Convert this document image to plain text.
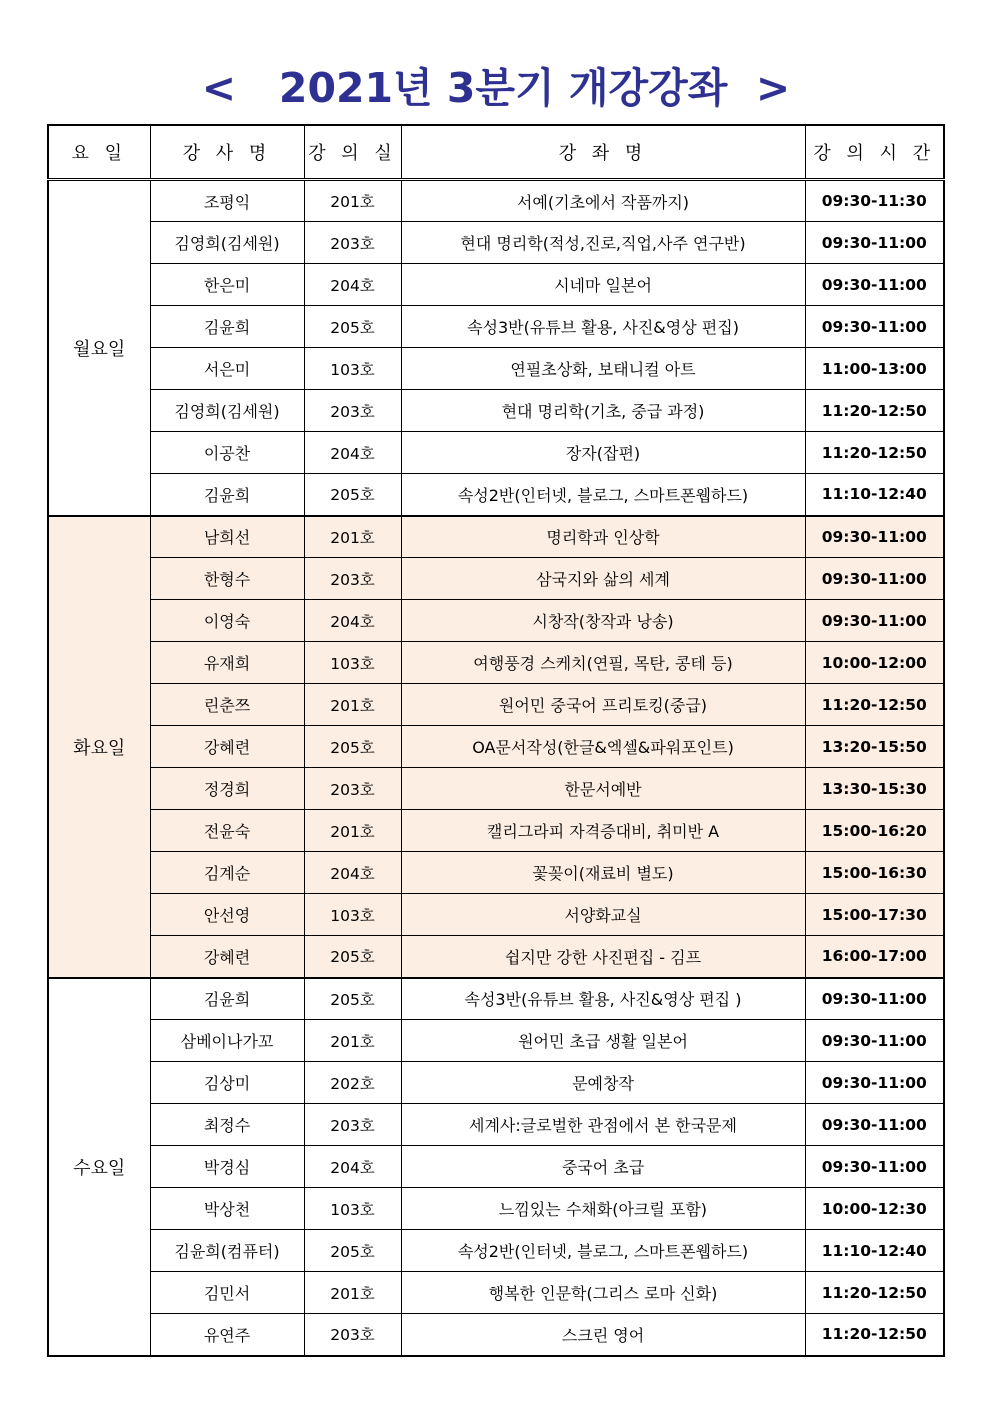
<   2021년 3분기 개강강좌  >
요 일	강 사 명	강 의 실	강 좌 명	강 의 시 간
월요일	조평익	201호	서예(기초에서 작품까지)	09:30-11:30
	김영희(김세원)	203호	현대 명리학(적성,진로,직업,사주 연구반)	09:30-11:00
	한은미	204호	시네마 일본어	09:30-11:00
	김윤희	205호	속성3반(유튜브 활용, 사진&영상 편집)	09:30-11:00
	서은미	103호	연필초상화, 보태니컬 아트	11:00-13:00
	김영희(김세원)	203호	현대 명리학(기초, 중급 과정)	11:20-12:50
	이공찬	204호	장자(잡편)	11:20-12:50
	김윤희	205호	속성2반(인터넷, 블로그, 스마트폰웹하드)	11:10-12:40
화요일	남희선	201호	명리학과 인상학	09:30-11:00
	한형수	203호	삼국지와 삶의 세계	09:30-11:00
	이영숙	204호	시창작(창작과 낭송)	09:30-11:00
	유재희	103호	여행풍경 스케치(연필, 목탄, 콩테 등)	10:00-12:00
	린춘쯔	201호	원어민 중국어 프리토킹(중급)	11:20-12:50
	강혜련	205호	OA문서작성(한글&엑셀&파워포인트)	13:20-15:50
	정경희	203호	한문서예반	13:30-15:30
	전윤숙	201호	캘리그라피 자격증대비, 취미반 A	15:00-16:20
	김계순	204호	꽃꽂이(재료비 별도)	15:00-16:30
	안선영	103호	서양화교실	15:00-17:30
	강혜련	205호	쉽지만 강한 사진편집 - 김프	16:00-17:00
수요일	김윤희	205호	속성3반(유튜브 활용, 사진&영상 편집 )	09:30-11:00
	삼베이나가꼬	201호	원어민 초급 생활 일본어	09:30-11:00
	김상미	202호	문예창작	09:30-11:00
	최정수	203호	세계사:글로벌한 관점에서 본 한국문제	09:30-11:00
	박경심	204호	중국어 초급	09:30-11:00
	박상천	103호	느낌있는 수채화(아크릴 포함)	10:00-12:30
	김윤희(컴퓨터)	205호	속성2반(인터넷, 블로그, 스마트폰웹하드)	11:10-12:40
	김민서	201호	행복한 인문학(그리스 로마 신화)	11:20-12:50
	유연주	203호	스크린 영어	11:20-12:50
